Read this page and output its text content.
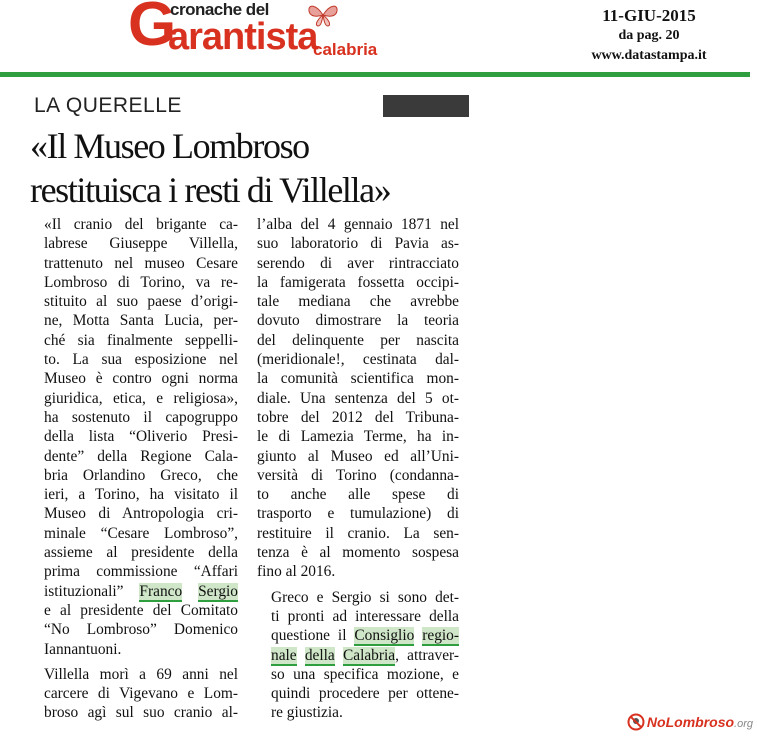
G
cronache del
arantista
calabria
11-GIU-2015
da pag. 20
www.datastampa.it
LA QUERELLE
«Il Museo Lombroso
restituisca i resti di Villella»

«Il cranio del brigante ca-
labrese Giuseppe Villella,
trattenuto nel museo Cesare
Lombroso di Torino, va re-
stituito al suo paese d’origi-
ne, Motta Santa Lucia, per-
ché sia finalmente seppelli-
to. La sua esposizione nel
Museo è contro ogni norma
giuridica, etica, e religiosa»,
ha sostenuto il capogruppo
della lista “Oliverio Presi-
dente” della Regione Cala-
bria Orlandino Greco, che
ieri, a Torino, ha visitato il
Museo di Antropologia cri-
minale “Cesare Lombroso”,
assieme al presidente della
prima commissione “Affari
istituzionali” Franco Sergio
e al presidente del Comitato
“No Lombroso” Domenico
Iannantuoni.

Villella morì a 69 anni nel
carcere di Vigevano e Lom-
broso agì sul suo cranio al-

l’alba del 4 gennaio 1871 nel
suo laboratorio di Pavia as-
serendo di aver rintracciato
la famigerata fossetta occipi-
tale mediana che avrebbe
dovuto dimostrare la teoria
del delinquente per nascita
(meridionale!, cestinata dal-
la comunità scientifica mon-
diale. Una sentenza del 5 ot-
tobre del 2012 del Tribuna-
le di Lamezia Terme, ha in-
giunto al Museo ed all’Uni-
versità di Torino (condanna-
to anche alle spese di
trasporto e tumulazione) di
restituire il cranio. La sen-
tenza è al momento sospesa
fino al 2016.

Greco e Sergio si sono det-
ti pronti ad interessare della
questione il Consiglio regio-
nale della Calabria, attraver-
so una specifica mozione, e
quindi procedere per ottene-
re giustizia.

NoLombroso.org
